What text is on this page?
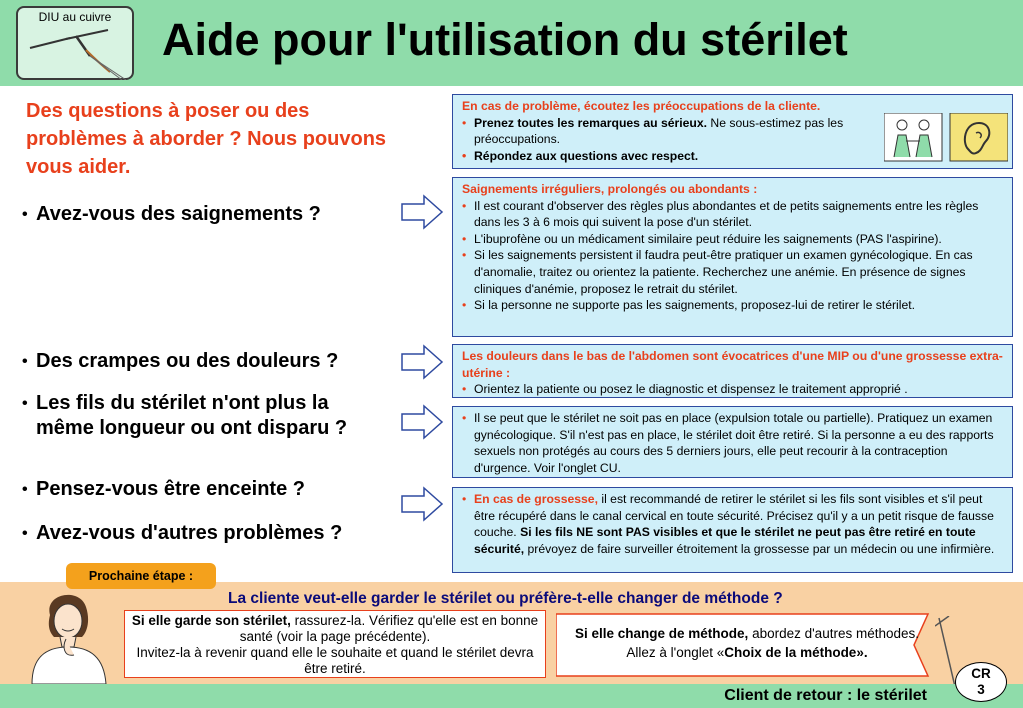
DIU au cuivre	Aide pour l'utilisation du stérilet
Des questions à poser ou des problèmes à aborder ? Nous pouvons vous aider.
• Avez-vous des saignements ?
• Des crampes ou des douleurs ?
• Les fils du stérilet n'ont plus la même longueur ou ont disparu ?
• Pensez-vous être enceinte ?
• Avez-vous d'autres problèmes ?
En cas de problème, écoutez les préoccupations de la cliente.
• Prenez toutes les remarques au sérieux. Ne sous-estimez pas les préoccupations.
• Répondez aux questions avec respect.
Saignements irréguliers, prolongés ou abondants :
• Il est courant d'observer des règles plus abondantes et de petits saignements entre les règles dans les 3 à 6 mois qui suivent la pose d'un stérilet.
• L'ibuprofène ou un médicament similaire peut réduire les saignements (PAS l'aspirine).
• Si les saignements persistent il faudra peut-être pratiquer un examen gynécologique. En cas d'anomalie, traitez ou orientez la patiente. Recherchez une anémie. En présence de signes cliniques d'anémie, proposez le retrait du stérilet.
• Si la personne ne supporte pas les saignements, proposez-lui de retirer le stérilet.
Les douleurs dans le bas de l'abdomen sont évocatrices d'une MIP ou d'une grossesse extra-utérine :
• Orientez la patiente ou posez le diagnostic et dispensez le traitement approprié .
• Il se peut que le stérilet ne soit pas en place (expulsion totale ou partielle). Pratiquez un examen gynécologique. S'il n'est pas en place, le stérilet doit être retiré. Si la personne a eu des rapports sexuels non protégés au cours des 5 derniers jours, elle peut recourir à la contraception d'urgence. Voir l'onglet CU.
• En cas de grossesse, il est recommandé de retirer le stérilet si les fils sont visibles et s'il peut être récupéré dans le canal cervical en toute sécurité. Précisez qu'il y a un petit risque de fausse couche. Si les fils NE sont PAS visibles et que le stérilet ne peut pas être retiré en toute sécurité, prévoyez de faire surveiller étroitement la grossesse par un médecin ou une infirmière.
Prochaine étape :
La cliente veut-elle garder le stérilet ou préfère-t-elle changer de méthode ?
Si elle garde son stérilet, rassurez-la. Vérifiez qu'elle est en bonne santé (voir la page précédente).
Invitez-la à revenir quand elle le souhaite et quand le stérilet devra être retiré.
Si elle change de méthode, abordez d'autres méthodes. Allez à l'onglet «Choix de la méthode».
Client de retour : le stérilet
CR
3
